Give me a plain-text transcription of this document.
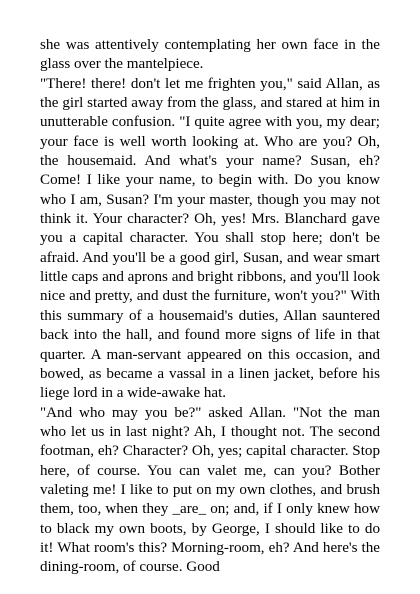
she was attentively contemplating her own face in the glass over the mantelpiece.

"There! there! don't let me frighten you," said Allan, as the girl started away from the glass, and stared at him in unutterable confusion. "I quite agree with you, my dear; your face is well worth looking at. Who are you? Oh, the housemaid. And what's your name? Susan, eh? Come! I like your name, to begin with. Do you know who I am, Susan? I'm your master, though you may not think it. Your character? Oh, yes! Mrs. Blanchard gave you a capital character. You shall stop here; don't be afraid. And you'll be a good girl, Susan, and wear smart little caps and aprons and bright ribbons, and you'll look nice and pretty, and dust the furniture, won't you?" With this summary of a housemaid's duties, Allan sauntered back into the hall, and found more signs of life in that quarter. A man-servant appeared on this occasion, and bowed, as became a vassal in a linen jacket, before his liege lord in a wide-awake hat.

"And who may you be?" asked Allan. "Not the man who let us in last night? Ah, I thought not. The second footman, eh? Character? Oh, yes; capital character. Stop here, of course. You can valet me, can you? Bother valeting me! I like to put on my own clothes, and brush them, too, when they _are_ on; and, if I only knew how to black my own boots, by George, I should like to do it! What room's this? Morning-room, eh? And here's the dining-room, of course. Good
